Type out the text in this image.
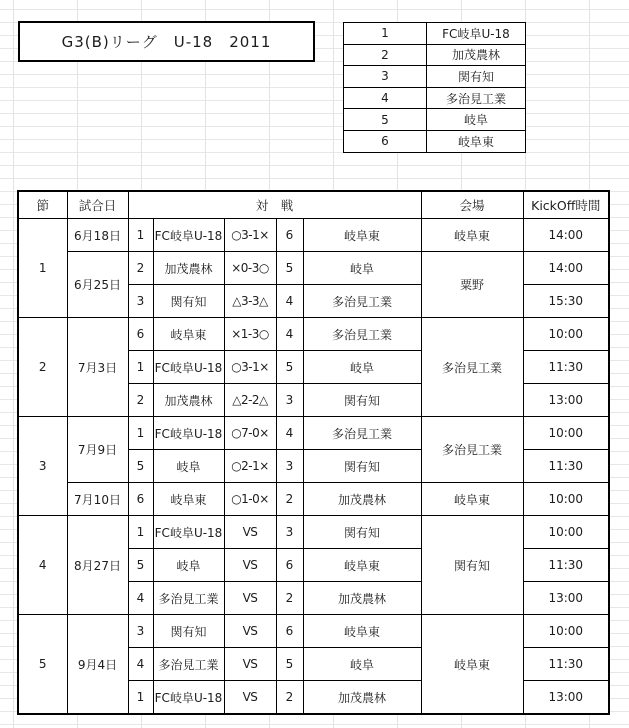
G3(B)リーグ　U-18　2011	1	FC岐阜U-18
2	加茂農林
3	関有知
4	多治見工業
5	岐阜
6	岐阜東
節	試合日	対　戦					会場	KickOff時間
1	6月18日	1	FC岐阜U-18	○3-1×	6	岐阜東	岐阜東	14:00
	6月25日	2	加茂農林	×0-3○	5	岐阜	粟野	14:00
		3	関有知	△3-3△	4	多治見工業		15:30
2	7月3日	6	岐阜東	×1-3○	4	多治見工業	多治見工業	10:00
		1	FC岐阜U-18	○3-1×	5	岐阜		11:30
		2	加茂農林	△2-2△	3	関有知		13:00
3	7月9日	1	FC岐阜U-18	○7-0×	4	多治見工業	多治見工業	10:00
		5	岐阜	○2-1×	3	関有知		11:30
	7月10日	6	岐阜東	○1-0×	2	加茂農林	岐阜東	10:00
4	8月27日	1	FC岐阜U-18	VS	3	関有知	関有知	10:00
		5	岐阜	VS	6	岐阜東		11:30
		4	多治見工業	VS	2	加茂農林		13:00
5	9月4日	3	関有知	VS	6	岐阜東	岐阜東	10:00
		4	多治見工業	VS	5	岐阜		11:30
		1	FC岐阜U-18	VS	2	加茂農林		13:00
